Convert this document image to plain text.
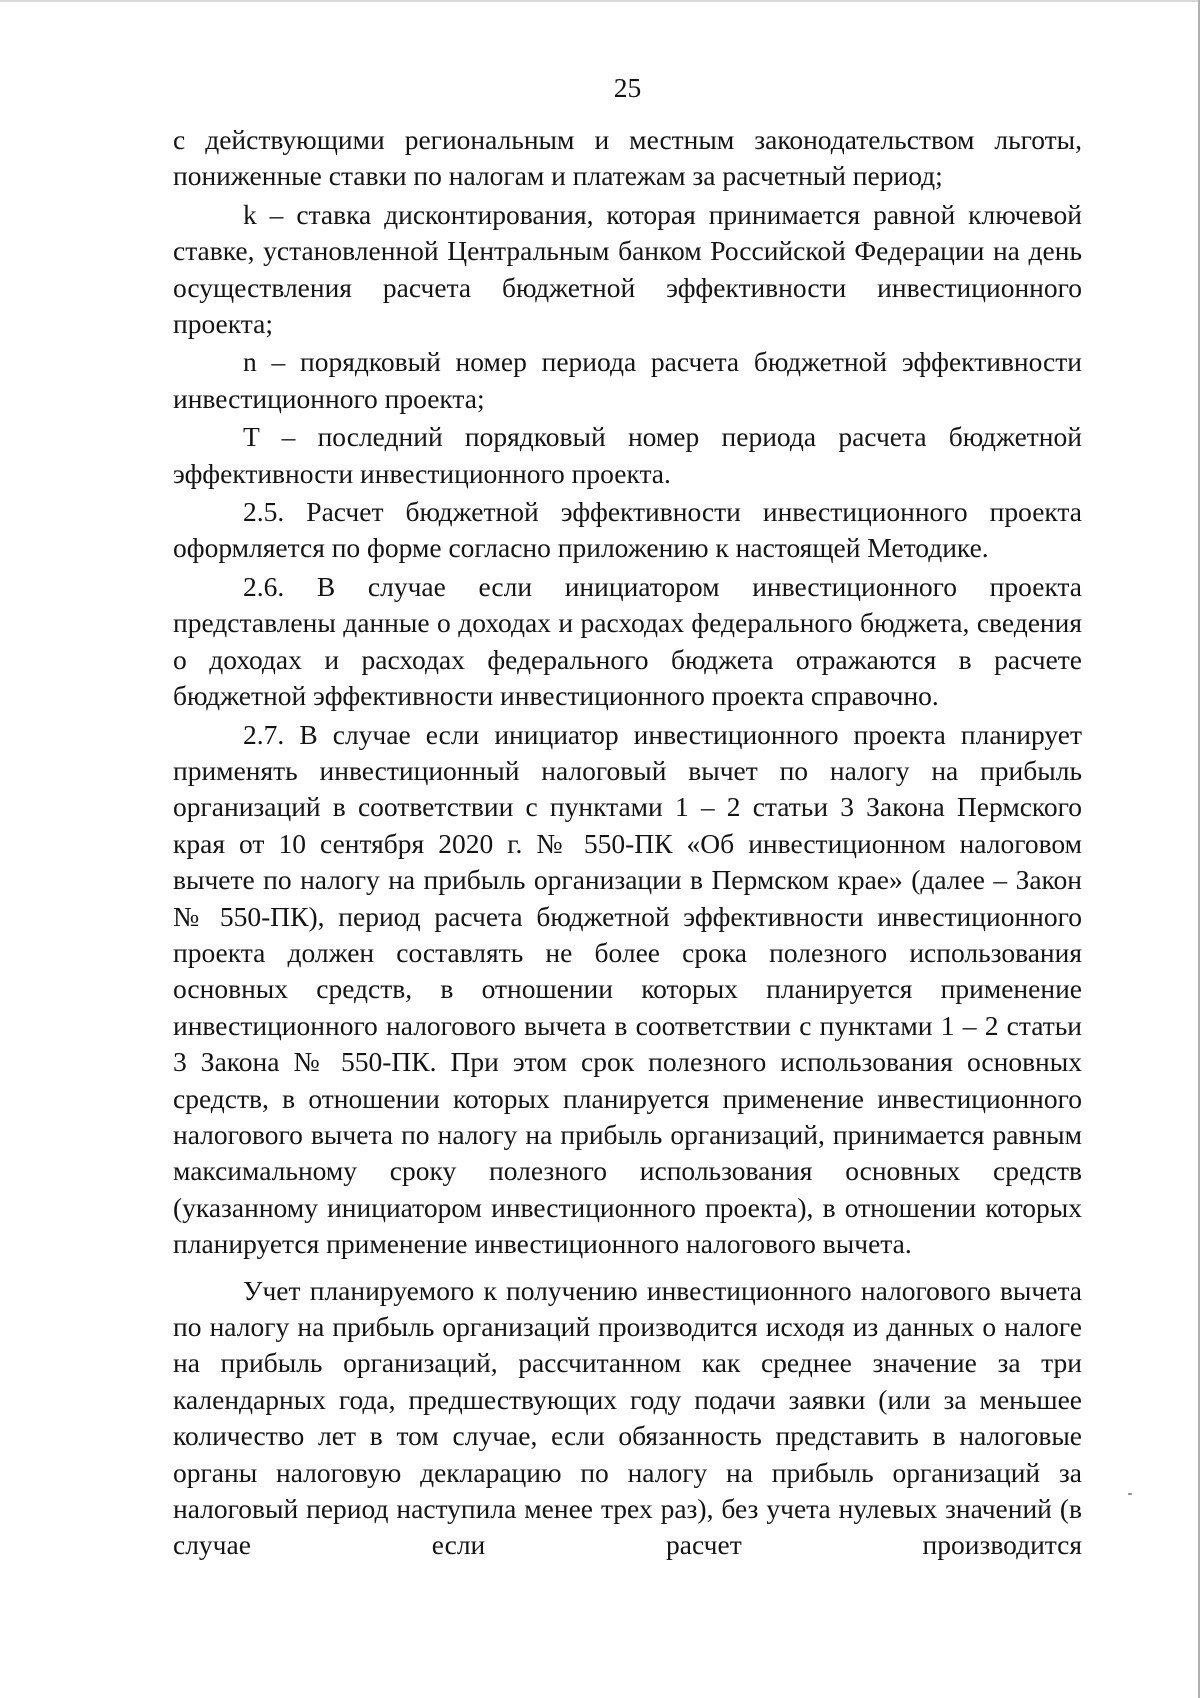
25

с действующими региональным и местным законодательством льготы, пониженные ставки по налогам и платежам за расчетный период;

k – ставка дисконтирования, которая принимается равной ключевой ставке, установленной Центральным банком Российской Федерации на день осуществления расчета бюджетной эффективности инвестиционного проекта;

n – порядковый номер периода расчета бюджетной эффективности инвестиционного проекта;

T – последний порядковый номер периода расчета бюджетной эффективности инвестиционного проекта.

2.5. Расчет бюджетной эффективности инвестиционного проекта оформляется по форме согласно приложению к настоящей Методике.

2.6. В случае если инициатором инвестиционного проекта представлены данные о доходах и расходах федерального бюджета, сведения о доходах и расходах федерального бюджета отражаются в расчете бюджетной эффективности инвестиционного проекта справочно.

2.7. В случае если инициатор инвестиционного проекта планирует применять инвестиционный налоговый вычет по налогу на прибыль организаций в соответствии с пунктами 1 – 2 статьи 3 Закона Пермского края от 10 сентября 2020 г. № 550-ПК «Об инвестиционном налоговом вычете по налогу на прибыль организации в Пермском крае» (далее – Закон № 550-ПК), период расчета бюджетной эффективности инвестиционного проекта должен составлять не более срока полезного использования основных средств, в отношении которых планируется применение инвестиционного налогового вычета в соответствии с пунктами 1 – 2 статьи 3 Закона № 550-ПК. При этом срок полезного использования основных средств, в отношении которых планируется применение инвестиционного налогового вычета по налогу на прибыль организаций, принимается равным максимальному сроку полезного использования основных средств (указанному инициатором инвестиционного проекта), в отношении которых планируется применение инвестиционного налогового вычета.

Учет планируемого к получению инвестиционного налогового вычета по налогу на прибыль организаций производится исходя из данных о налоге на прибыль организаций, рассчитанном как среднее значение за три календарных года, предшествующих году подачи заявки (или за меньшее количество лет в том случае, если обязанность представить в налоговые органы налоговую декларацию по налогу на прибыль организаций за налоговый период наступила менее трех раз), без учета нулевых значений (в случае если расчет производится
